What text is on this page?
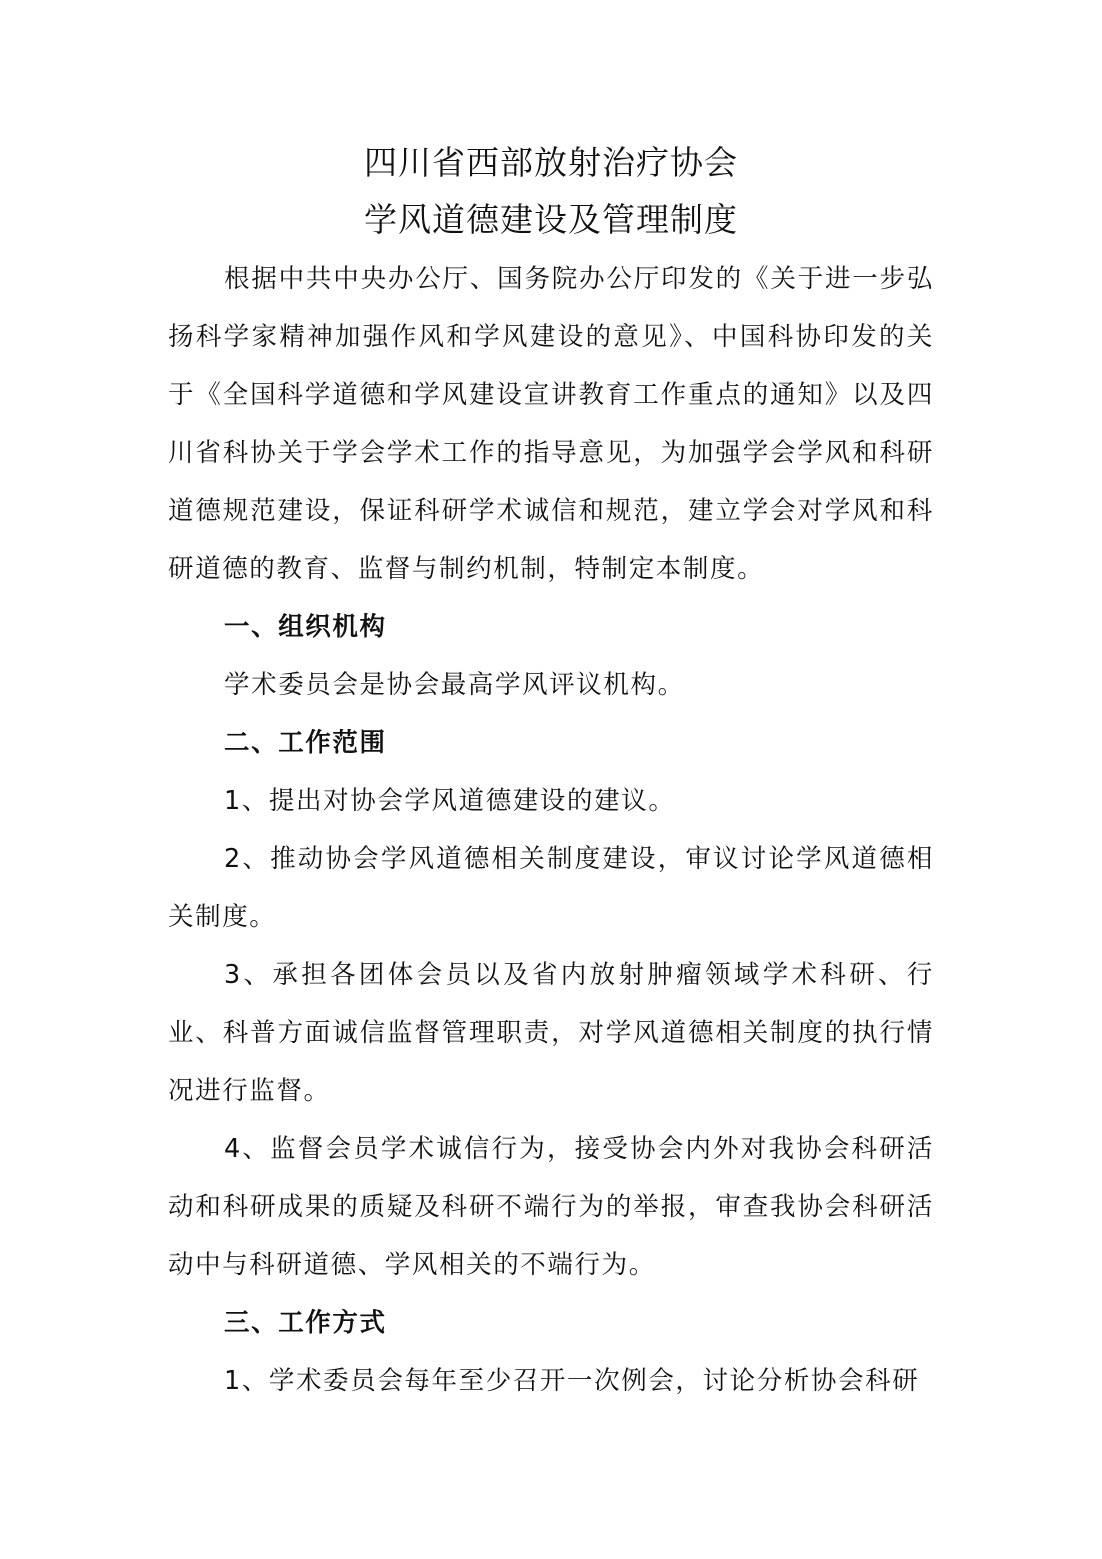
四川省西部放射治疗协会
学风道德建设及管理制度

根据中共中央办公厅、国务院办公厅印发的《关于进一步弘扬科学家精神加强作风和学风建设的意见》、中国科协印发的关于《全国科学道德和学风建设宣讲教育工作重点的通知》以及四川省科协关于学会学术工作的指导意见，为加强学会学风和科研道德规范建设，保证科研学术诚信和规范，建立学会对学风和科研道德的教育、监督与制约机制，特制定本制度。

一、组织机构
学术委员会是协会最高学风评议机构。
二、工作范围
1、提出对协会学风道德建设的建议。

2、推动协会学风道德相关制度建设，审议讨论学风道德相关制度。

3、承担各团体会员以及省内放射肿瘤领域学术科研、行业、科普方面诚信监督管理职责，对学风道德相关制度的执行情况进行监督。

4、监督会员学术诚信行为，接受协会内外对我协会科研活动和科研成果的质疑及科研不端行为的举报，审查我协会科研活动中与科研道德、学风相关的不端行为。

三、工作方式
1、学术委员会每年至少召开一次例会，讨论分析协会科研
